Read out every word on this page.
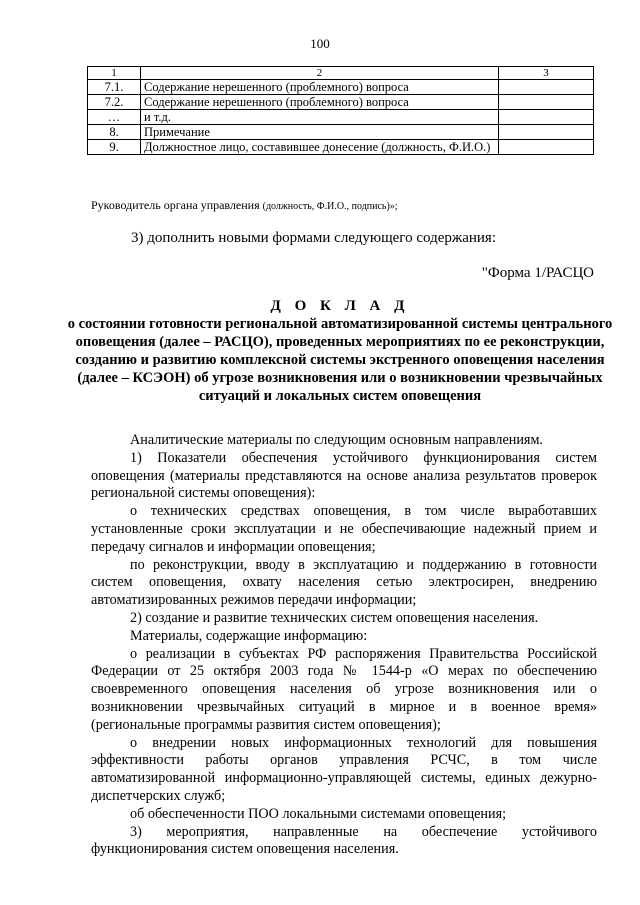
100
1	2	3
7.1.	Содержание нерешенного (проблемного) вопроса	
7.2.	Содержание нерешенного (проблемного) вопроса	
…	и т.д.	
8.	Примечание	
9.	Должностное лицо, составившее донесение (должность, Ф.И.О.)	
Руководитель органа управления (должность, Ф.И.О., подпись)»;
3) дополнить новыми формами следующего содержания:
"Форма 1/РАСЦО
Д О К Л А Д
о состоянии готовности региональной автоматизированной системы центрального оповещения (далее – РАСЦО), проведенных мероприятиях по ее реконструкции, созданию и развитию комплексной системы экстренного оповещения населения (далее – КСЭОН) об угрозе возникновения или о возникновении чрезвычайных ситуаций и локальных систем оповещения

Аналитические материалы по следующим основным направлениям.

1) Показатели обеспечения устойчивого функционирования систем оповещения (материалы представляются на основе анализа результатов проверок региональной системы оповещения):

о технических средствах оповещения, в том числе выработавших установленные сроки эксплуатации и не обеспечивающие надежный прием и передачу сигналов и информации оповещения;

по реконструкции, вводу в эксплуатацию и поддержанию в готовности систем оповещения, охвату населения сетью электросирен, внедрению автоматизированных режимов передачи информации;

2) создание и развитие технических систем оповещения населения.

Материалы, содержащие информацию:

о реализации в субъектах РФ распоряжения Правительства Российской Федерации от 25 октября 2003 года № 1544-р «О мерах по обеспечению своевременного оповещения населения об угрозе возникновения или о возникновении чрезвычайных ситуаций в мирное и в военное время» (региональные программы развития систем оповещения);

о внедрении новых информационных технологий для повышения эффективности работы органов управления РСЧС, в том числе автоматизированной информационно-управляющей системы, единых дежурно-диспетчерских служб;

об обеспеченности ПОО локальными системами оповещения;

3) мероприятия, направленные на обеспечение устойчивого функционирования систем оповещения населения.
